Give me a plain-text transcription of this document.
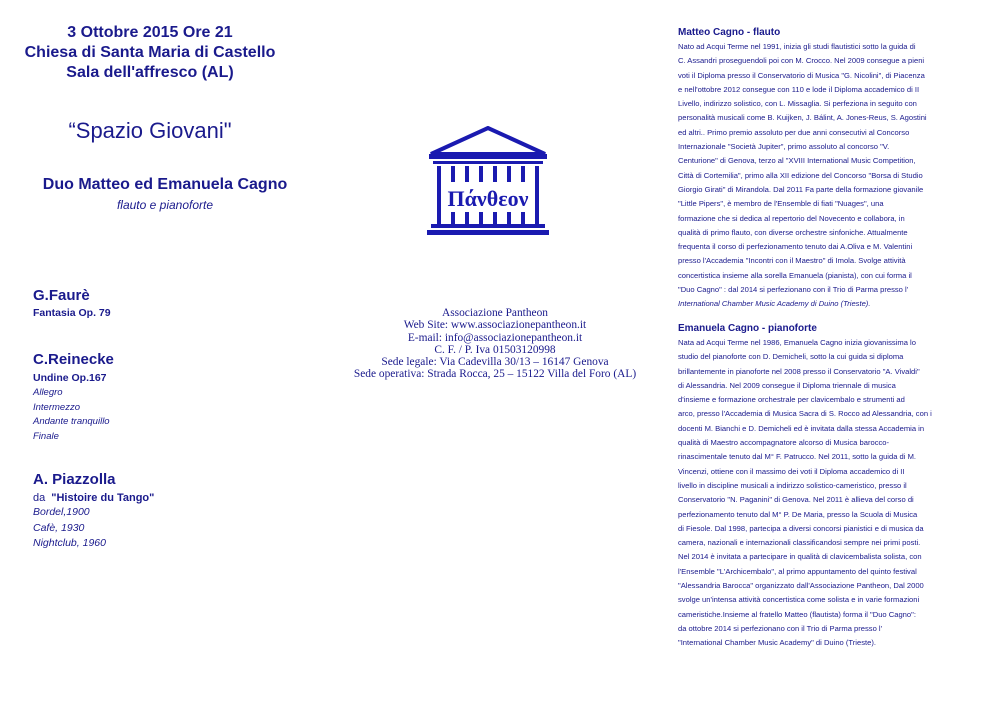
3 Ottobre 2015 Ore 21
Chiesa di Santa Maria di Castello
Sala dell'affresco (AL)
“Spazio Giovani"
Duo Matteo ed Emanuela Cagno
flauto e pianoforte
G.Faurè
Fantasia Op. 79
C.Reinecke
Undine Op.167
Allegro
Intermezzo
Andante tranquillo
Finale
A. Piazzolla
da "Histoire du Tango"
Bordel,1900
Cafè, 1930
Nightclub, 1960
Πάνθεον
Associazione Pantheon
Web Site: www.associazionepantheon.it
E-mail: info@associazionepantheon.it
C. F. / P. Iva 01503120998
Sede legale: Via Cadevilla 30/13 – 16147 Genova
Sede operativa: Strada Rocca, 25 – 15122 Villa del Foro (AL)
Matteo Cagno - flauto
Nato ad Acqui Terme nel 1991, inizia gli studi flautistici sotto la guida di
C. Assandri proseguendoli poi con M. Crocco. Nel 2009 consegue a pieni
voti il Diploma presso il Conservatorio di Musica "G. Nicolini", di Piacenza
e nell'ottobre 2012 consegue con 110 e lode il Diploma accademico di II
Livello, indirizzo solistico, con L. Missaglia. Si perfeziona in seguito con
personalità musicali come B. Kuijken, J. Bálint, A. Jones-Reus, S. Agostini
ed altri.. Primo premio assoluto per due anni consecutivi al Concorso
Internazionale "Società Jupiter", primo assoluto al concorso "V.
Centurione" di Genova, terzo al "XVIII International Music Competition,
Città di Cortemilia", primo alla XII edizione del Concorso "Borsa di Studio
Giorgio Girati" di Mirandola. Dal 2011 Fa parte della formazione giovanile
"Little Pipers", è membro de l'Ensemble di fiati "Nuages", una
formazione che si dedica al repertorio del Novecento e collabora, in
qualità di primo flauto, con diverse orchestre sinfoniche. Attualmente
frequenta il corso di perfezionamento tenuto dai A.Oliva e M. Valentini
presso l'Accademia "Incontri con il Maestro" di Imola. Svolge attività
concertistica insieme alla sorella Emanuela (pianista), con cui forma il
"Duo Cagno" : dal 2014 si perfezionano con il Trio di Parma presso l'
International Chamber Music Academy di Duino (Trieste).
Emanuela Cagno - pianoforte
Nata ad Acqui Terme nel 1986, Emanuela Cagno inizia giovanissima lo
studio del pianoforte con D. Demicheli, sotto la cui guida si diploma
brillantemente in pianoforte nel 2008 presso il Conservatorio "A. Vivaldi"
di Alessandria. Nel 2009 consegue il Diploma triennale di musica
d'insieme e formazione orchestrale per clavicembalo e strumenti ad
arco, presso l'Accademia di Musica Sacra di S. Rocco ad Alessandria, con i
docenti M. Bianchi e D. Demicheli ed è invitata dalla stessa Accademia in
qualità di Maestro accompagnatore alcorso di Musica barocco-
rinascimentale tenuto dal M° F. Patrucco. Nel 2011, sotto la guida di M.
Vincenzi, ottiene con il massimo dei voti il Diploma accademico di II
livello in discipline musicali a indirizzo solistico-cameristico, presso il
Conservatorio "N. Paganini" di Genova. Nel 2011 è allieva del corso di
perfezionamento tenuto dal M° P. De Maria, presso la Scuola di Musica
di Fiesole. Dal 1998, partecipa a diversi concorsi pianistici e di musica da
camera, nazionali e internazionali classificandosi sempre nei primi posti.
Nel 2014 è invitata a partecipare in qualità di clavicembalista solista, con
l'Ensemble "L'Archicembalo", al primo appuntamento del quinto festival
"Alessandria Barocca" organizzato dall'Associazione Pantheon, Dal 2000
svolge un'intensa attività concertistica come solista e in varie formazioni
cameristiche.Insieme al fratello Matteo (flautista) forma il "Duo Cagno":
da ottobre 2014 si perfezionano con il Trio di Parma presso l'
"International Chamber Music Academy" di Duino (Trieste).
